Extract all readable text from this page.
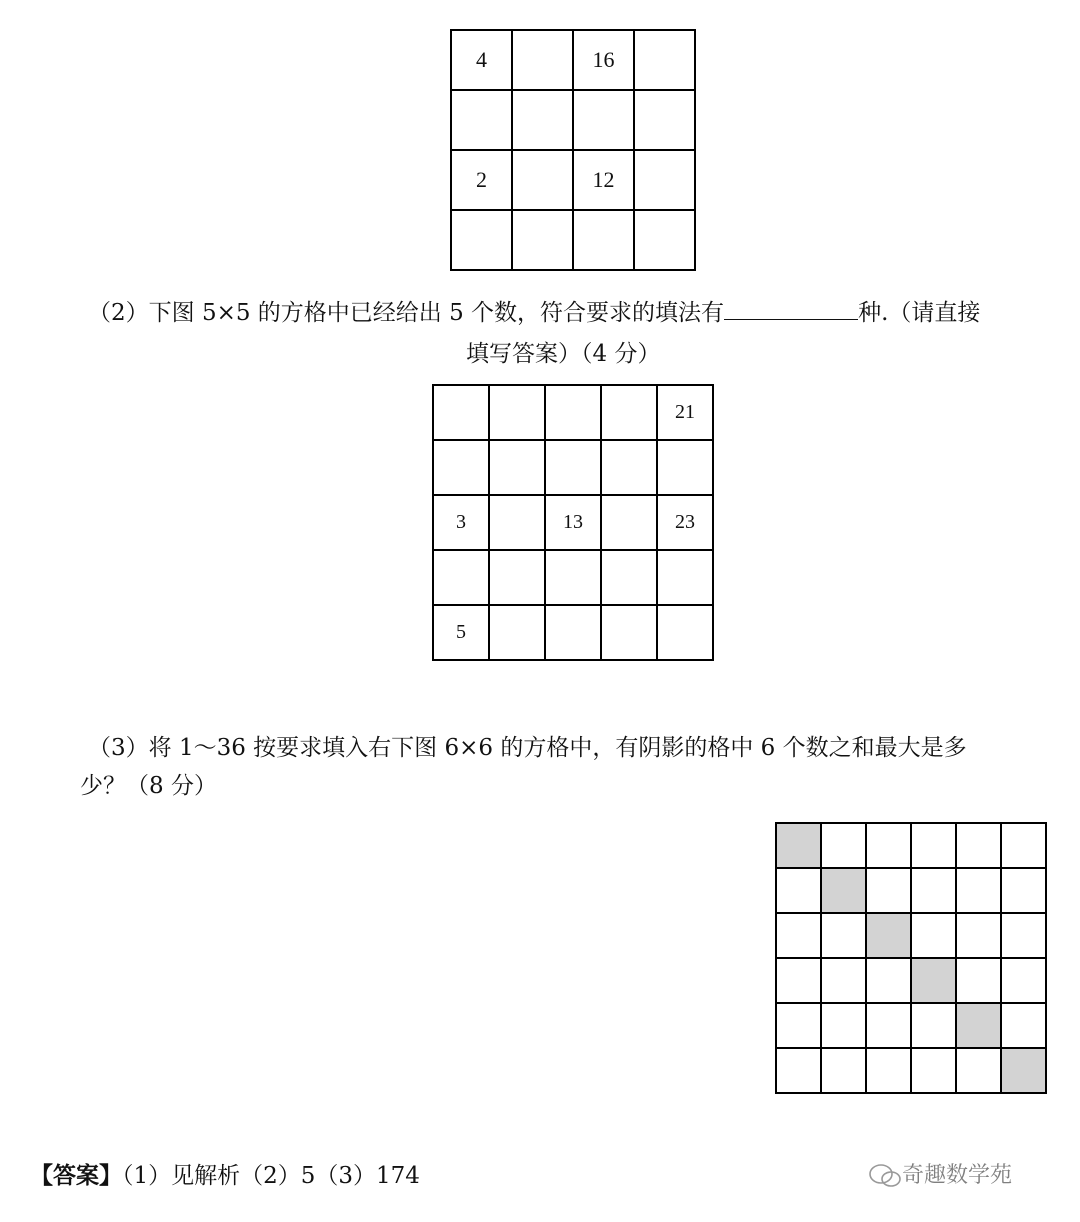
4		16	

2		12	

（2）下图 5×5 的方格中已经给出 5 个数，符合要求的填法有	种.（请直接
填写答案）（4 分）
				21

3		13		23

5				
（3）将 1～36 按要求填入右下图 6×6 的方格中，有阴影的格中 6 个数之和最大是多
少？（8 分）

【答案】（1）见解析（2）5（3）174	奇趣数学苑
